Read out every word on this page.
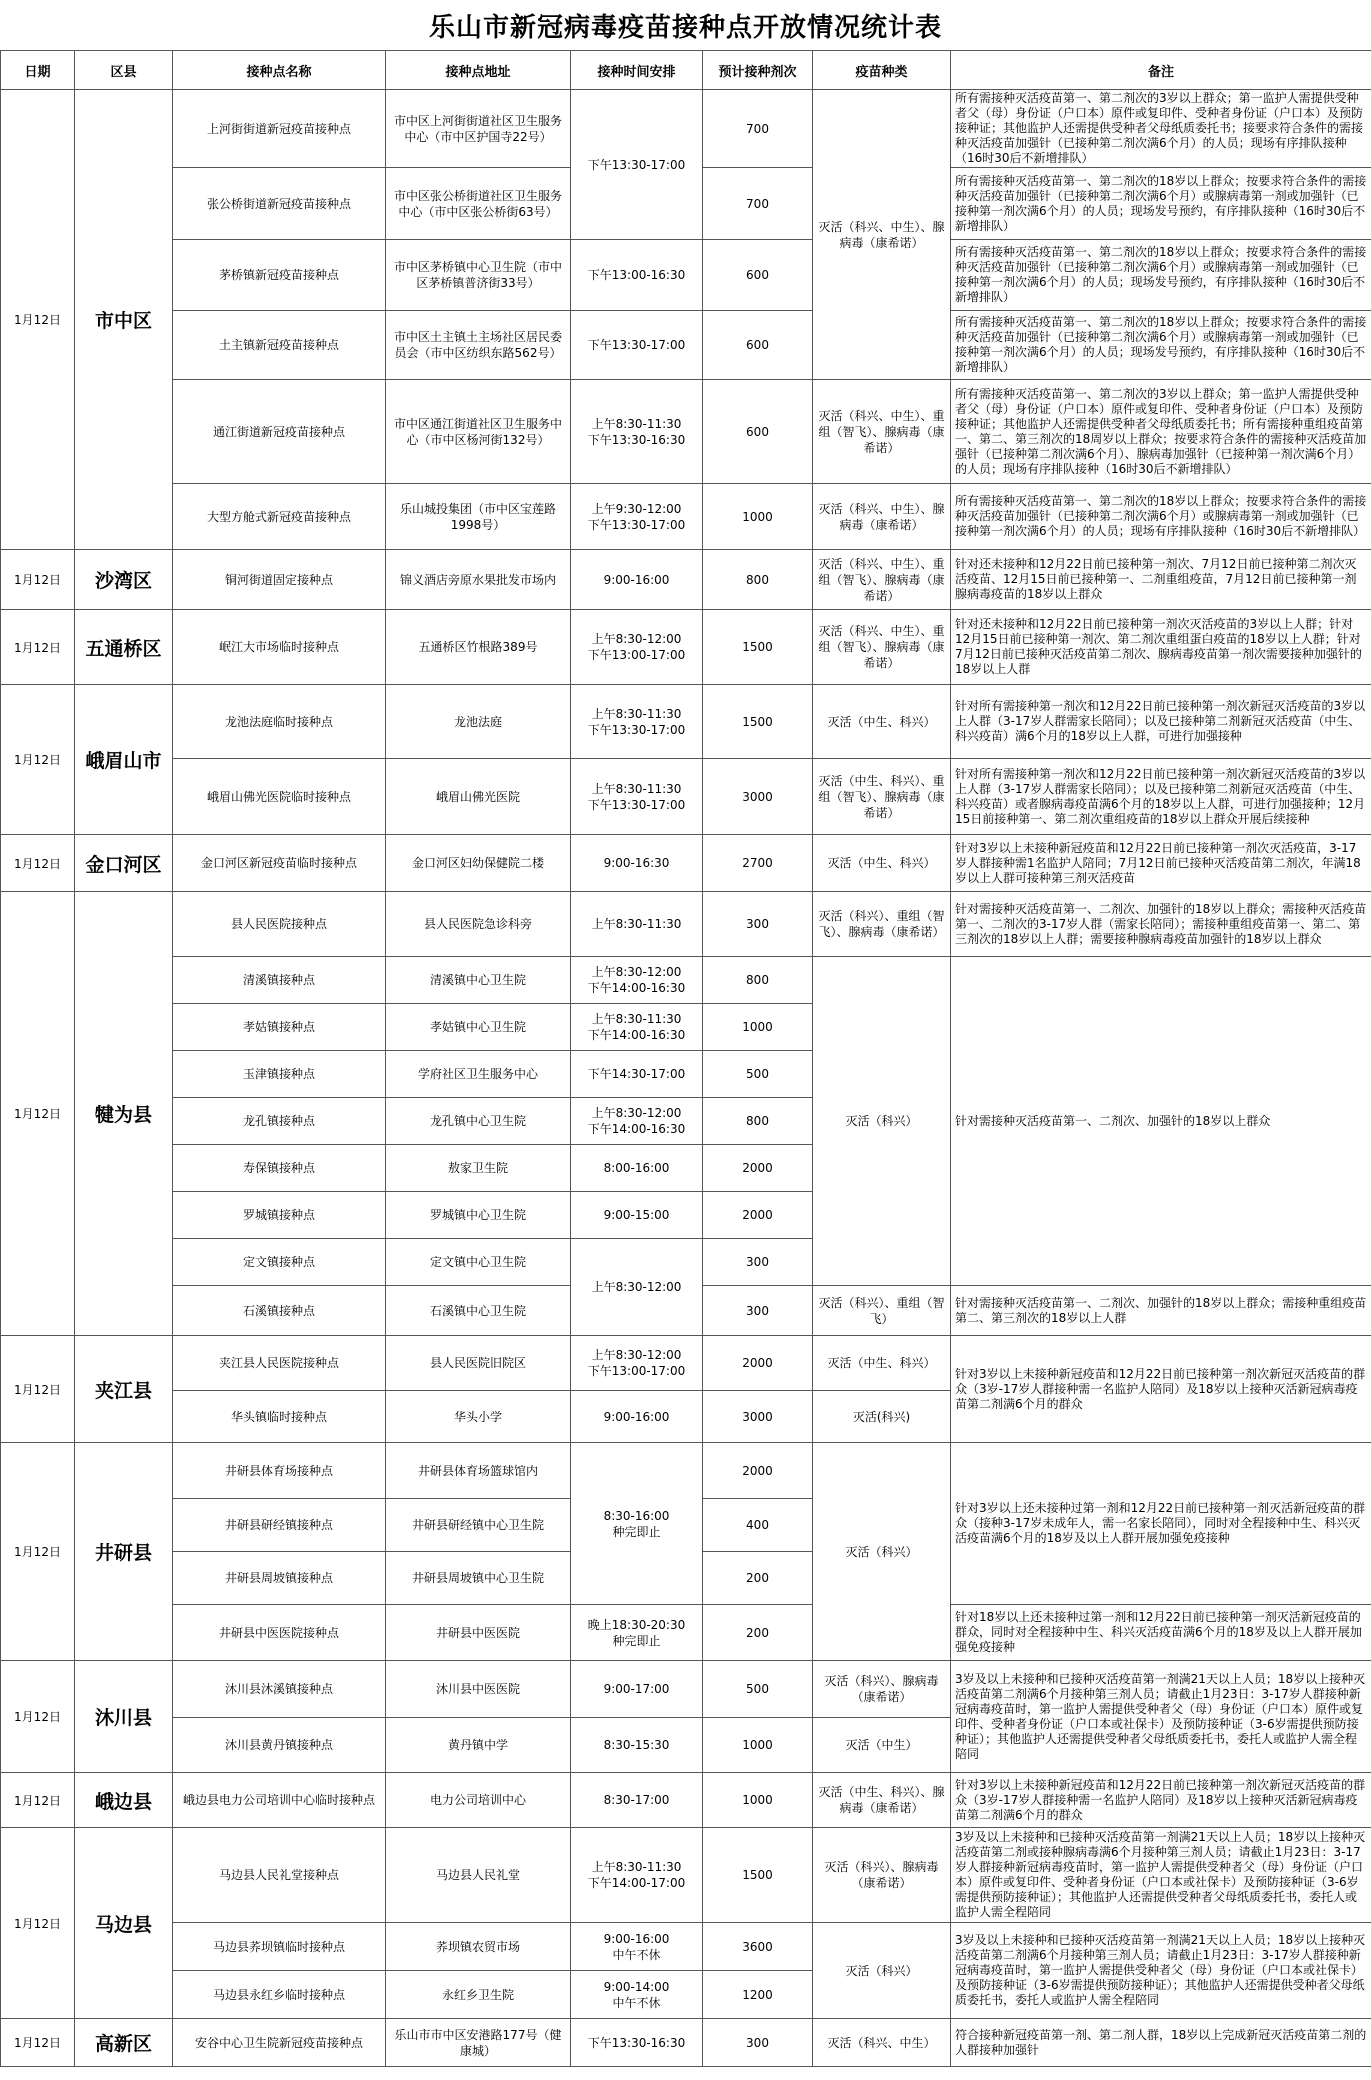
乐山市新冠病毒疫苗接种点开放情况统计表
日期	区县	接种点名称	接种点地址	接种时间安排	预计接种剂次	疫苗种类	备注
1月12日	市中区	上河街街道新冠疫苗接种点	市中区上河街街道社区卫生服务中心（市中区护国寺22号）	下午13:30-17:00	700	灭活（科兴、中生）、腺病毒（康希诺）	所有需接种灭活疫苗第一、第二剂次的3岁以上群众；第一监护人需提供受种者父（母）身份证（户口本）原件或复印件、受种者身份证（户口本）及预防接种证；其他监护人还需提供受种者父母纸质委托书；接要求符合条件的需接种灭活疫苗加强针（已接种第二剂次满6个月）的人员；现场有序排队接种（16时30后不新增排队）
		张公桥街道新冠疫苗接种点	市中区张公桥街道社区卫生服务中心（市中区张公桥街63号）		700		所有需接种灭活疫苗第一、第二剂次的18岁以上群众；按要求符合条件的需接种灭活疫苗加强针（已接种第二剂次满6个月）或腺病毒第一剂或加强针（已接种第一剂次满6个月）的人员；现场发号预约，有序排队接种（16时30后不新增排队）
		茅桥镇新冠疫苗接种点	市中区茅桥镇中心卫生院（市中区茅桥镇普济街33号）	下午13:00-16:30	600		所有需接种灭活疫苗第一、第二剂次的18岁以上群众；按要求符合条件的需接种灭活疫苗加强针（已接种第二剂次满6个月）或腺病毒第一剂或加强针（已接种第一剂次满6个月）的人员；现场发号预约，有序排队接种（16时30后不新增排队）
		土主镇新冠疫苗接种点	市中区土主镇土主场社区居民委员会（市中区纺织东路562号）	下午13:30-17:00	600		所有需接种灭活疫苗第一、第二剂次的18岁以上群众；按要求符合条件的需接种灭活疫苗加强针（已接种第二剂次满6个月）或腺病毒第一剂或加强针（已接种第一剂次满6个月）的人员；现场发号预约，有序排队接种（16时30后不新增排队）
		通江街道新冠疫苗接种点	市中区通江街道社区卫生服务中心（市中区杨河街132号）	上午8:30-11:30
下午13:30-16:30	600	灭活（科兴、中生）、重组（智飞）、腺病毒（康希诺）	所有需接种灭活疫苗第一、第二剂次的3岁以上群众；第一监护人需提供受种者父（母）身份证（户口本）原件或复印件、受种者身份证（户口本）及预防接种证；其他监护人还需提供受种者父母纸质委托书；所有需接种重组疫苗第一、第二、第三剂次的18周岁以上群众；按要求符合条件的需接种灭活疫苗加强针（已接种第二剂次满6个月）、腺病毒加强针（已接种第一剂次满6个月）的人员；现场有序排队接种（16时30后不新增排队）
		大型方舱式新冠疫苗接种点	乐山城投集团（市中区宝莲路1998号）	上午9:30-12:00
下午13:30-17:00	1000	灭活（科兴、中生）、腺病毒（康希诺）	所有需接种灭活疫苗第一、第二剂次的18岁以上群众；按要求符合条件的需接种灭活疫苗加强针（已接种第二剂次满6个月）或腺病毒第一剂或加强针（已接种第一剂次满6个月）的人员；现场有序排队接种（16时30后不新增排队）
1月12日	沙湾区	铜河街道固定接种点	锦义酒店旁原水果批发市场内	9:00-16:00	800	灭活（科兴、中生）、重组（智飞）、腺病毒（康希诺）	针对还未接种和12月22日前已接种第一剂次、7月12日前已接种第二剂次灭活疫苗、12月15日前已接种第一、二剂重组疫苗，7月12日前已接种第一剂腺病毒疫苗的18岁以上群众
1月12日	五通桥区	岷江大市场临时接种点	五通桥区竹根路389号	上午8:30-12:00
下午13:00-17:00	1500	灭活（科兴、中生）、重组（智飞）、腺病毒（康希诺）	针对还未接种和12月22日前已接种第一剂次灭活疫苗的3岁以上人群；针对12月15日前已接种第一剂次、第二剂次重组蛋白疫苗的18岁以上人群；针对7月12日前已接种灭活疫苗第二剂次、腺病毒疫苗第一剂次需要接种加强针的18岁以上人群
1月12日	峨眉山市	龙池法庭临时接种点	龙池法庭	上午8:30-11:30
下午13:30-17:00	1500	灭活（中生、科兴）	针对所有需接种第一剂次和12月22日前已接种第一剂次新冠灭活疫苗的3岁以上人群（3-17岁人群需家长陪同）；以及已接种第二剂新冠灭活疫苗（中生、科兴疫苗）满6个月的18岁以上人群，可进行加强接种
		峨眉山佛光医院临时接种点	峨眉山佛光医院	上午8:30-11:30
下午13:30-17:00	3000	灭活（中生、科兴）、重组（智飞）、腺病毒（康希诺）	针对所有需接种第一剂次和12月22日前已接种第一剂次新冠灭活疫苗的3岁以上人群（3-17岁人群需家长陪同）；以及已接种第二剂新冠灭活疫苗（中生、科兴疫苗）或者腺病毒疫苗满6个月的18岁以上人群，可进行加强接种；12月15日前接种第一、第二剂次重组疫苗的18岁以上群众开展后续接种
1月12日	金口河区	金口河区新冠疫苗临时接种点	金口河区妇幼保健院二楼	9:00-16:30	2700	灭活（中生、科兴）	针对3岁以上未接种新冠疫苗和12月22日前已接种第一剂次灭活疫苗，3-17岁人群接种需1名监护人陪同；7月12日前已接种灭活疫苗第二剂次，年满18岁以上人群可接种第三剂灭活疫苗
1月12日	犍为县	县人民医院接种点	县人民医院急诊科旁	上午8:30-11:30	300	灭活（科兴）、重组（智飞）、腺病毒（康希诺）	针对需接种灭活疫苗第一、二剂次、加强针的18岁以上群众；需接种灭活疫苗第一、二剂次的3-17岁人群（需家长陪同）；需接种重组疫苗第一、第二、第三剂次的18岁以上人群；需要接种腺病毒疫苗加强针的18岁以上群众
		清溪镇接种点	清溪镇中心卫生院	上午8:30-12:00
下午14:00-16:30	800	灭活（科兴）	针对需接种灭活疫苗第一、二剂次、加强针的18岁以上群众
		孝姑镇接种点	孝姑镇中心卫生院	上午8:30-11:30
下午14:00-16:30	1000		
		玉津镇接种点	学府社区卫生服务中心	下午14:30-17:00	500		
		龙孔镇接种点	龙孔镇中心卫生院	上午8:30-12:00
下午14:00-16:30	800		
		寿保镇接种点	敖家卫生院	8:00-16:00	2000		
		罗城镇接种点	罗城镇中心卫生院	9:00-15:00	2000		
		定文镇接种点	定文镇中心卫生院	上午8:30-12:00	300		
		石溪镇接种点	石溪镇中心卫生院		300	灭活（科兴）、重组（智飞）	针对需接种灭活疫苗第一、二剂次、加强针的18岁以上群众；需接种重组疫苗第二、第三剂次的18岁以上人群
1月12日	夹江县	夹江县人民医院接种点	县人民医院旧院区	上午8:30-12:00
下午13:00-17:00	2000	灭活（中生、科兴）	针对3岁以上未接种新冠疫苗和12月22日前已接种第一剂次新冠灭活疫苗的群众（3岁-17岁人群接种需一名监护人陪同）及18岁以上接种灭活新冠病毒疫苗第二剂满6个月的群众
		华头镇临时接种点	华头小学	9:00-16:00	3000	灭活(科兴)	
1月12日	井研县	井研县体育场接种点	井研县体育场篮球馆内	8:30-16:00
种完即止	2000	灭活（科兴）	针对3岁以上还未接种过第一剂和12月22日前已接种第一剂灭活新冠疫苗的群众（接种3-17岁未成年人，需一名家长陪同），同时对全程接种中生、科兴灭活疫苗满6个月的18岁及以上人群开展加强免疫接种
		井研县研经镇接种点	井研县研经镇中心卫生院		400		
		井研县周坡镇接种点	井研县周坡镇中心卫生院		200		
		井研县中医医院接种点	井研县中医医院	晚上18:30-20:30
种完即止	200		针对18岁以上还未接种过第一剂和12月22日前已接种第一剂灭活新冠疫苗的群众，同时对全程接种中生、科兴灭活疫苗满6个月的18岁及以上人群开展加强免疫接种
1月12日	沐川县	沐川县沐溪镇接种点	沐川县中医医院	9:00-17:00	500	灭活（科兴）、腺病毒（康希诺）	3岁及以上未接种和已接种灭活疫苗第一剂满21天以上人员；18岁以上接种灭活疫苗第二剂满6个月接种第三剂人员；请截止1月23日：3-17岁人群接种新冠病毒疫苗时，第一监护人需提供受种者父（母）身份证（户口本）原件或复印件、受种者身份证（户口本或社保卡）及预防接种证（3-6岁需提供预防接种证）；其他监护人还需提供受种者父母纸质委托书，委托人或监护人需全程陪同
		沐川县黄丹镇接种点	黄丹镇中学	8:30-15:30	1000	灭活（中生）	
1月12日	峨边县	峨边县电力公司培训中心临时接种点	电力公司培训中心	8:30-17:00	1000	灭活（中生、科兴）、腺病毒（康希诺）	针对3岁以上未接种新冠疫苗和12月22日前已接种第一剂次新冠灭活疫苗的群众（3岁-17岁人群接种需一名监护人陪同）及18岁以上接种灭活新冠病毒疫苗第二剂满6个月的群众
1月12日	马边县	马边县人民礼堂接种点	马边县人民礼堂	上午8:30-11:30
下午14:00-17:00	1500	灭活（科兴）、腺病毒（康希诺）	3岁及以上未接种和已接种灭活疫苗第一剂满21天以上人员；18岁以上接种灭活疫苗第二剂或接种腺病毒满6个月接种第三剂人员；请截止1月23日：3-17岁人群接种新冠病毒疫苗时，第一监护人需提供受种者父（母）身份证（户口本）原件或复印件、受种者身份证（户口本或社保卡）及预防接种证（3-6岁需提供预防接种证）；其他监护人还需提供受种者父母纸质委托书，委托人或监护人需全程陪同
		马边县荞坝镇临时接种点	荞坝镇农贸市场	9:00-16:00
中午不休	3600	灭活（科兴）	3岁及以上未接种和已接种灭活疫苗第一剂满21天以上人员；18岁以上接种灭活疫苗第二剂满6个月接种第三剂人员；请截止1月23日：3-17岁人群接种新冠病毒疫苗时，第一监护人需提供受种者父（母）身份证（户口本或社保卡）及预防接种证（3-6岁需提供预防接种证）；其他监护人还需提供受种者父母纸质委托书，委托人或监护人需全程陪同
		马边县永红乡临时接种点	永红乡卫生院	9:00-14:00
中午不休	1200		
1月12日	高新区	安谷中心卫生院新冠疫苗接种点	乐山市市中区安港路177号（健康城）	下午13:30-16:30	300	灭活（科兴、中生）	符合接种新冠疫苗第一剂、第二剂人群，18岁以上完成新冠灭活疫苗第二剂的人群接种加强针
